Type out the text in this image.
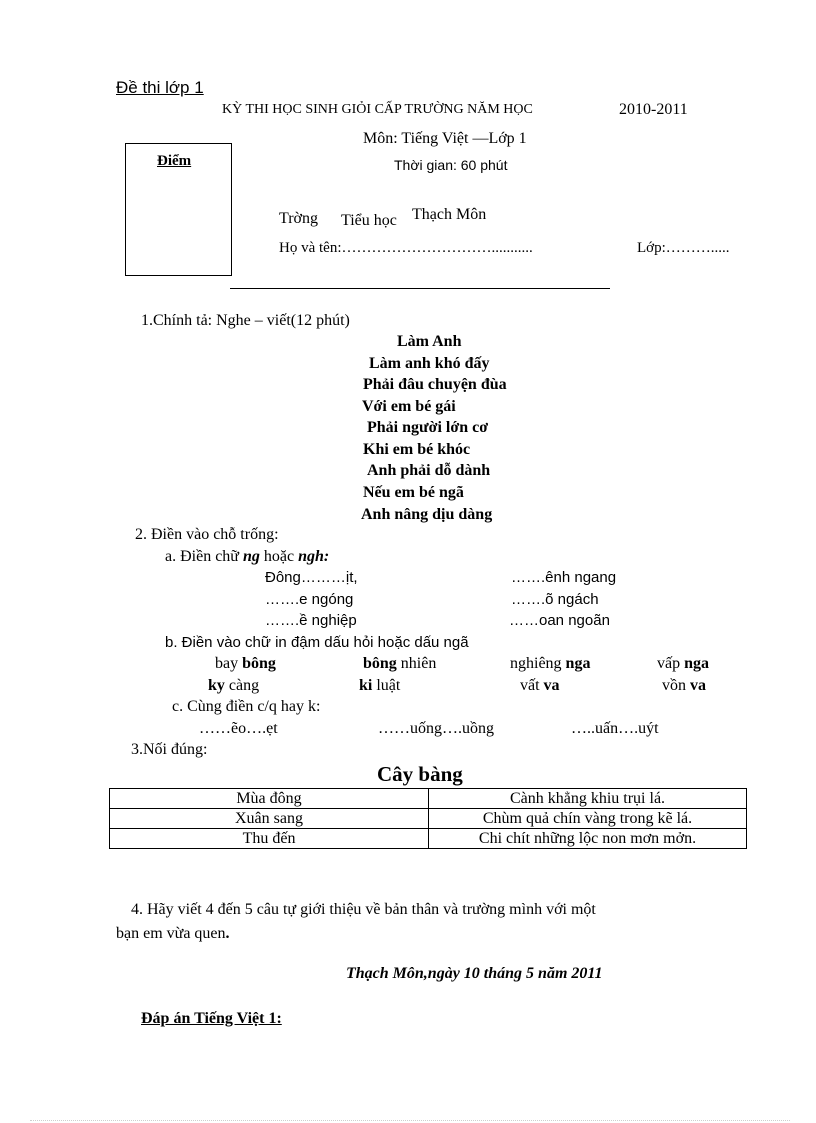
Đề thi lớp 1
KỲ THI HỌC SINH GIỎI CẤP TRƯỜNG NĂM HỌC	2010-2011
Môn: Tiếng Việt —Lớp 1
Thời gian: 60 phút
Điểm
Trờng Tiểu học Thạch Môn
Họ và tên:…………………………...........	Lớp:……….....
1.Chính tả: Nghe – viết(12 phút)
Làm Anh
Làm anh khó đấy
Phải đâu chuyện đùa
Với em bé gái
Phải người lớn cơ
Khi em bé khóc
Anh phải dỗ dành
Nếu em bé ngã
Anh nâng dịu dàng
2. Điền vào chỗ trống:
a. Điền chữ ng hoặc ngh:
Đông………ịt,	…….ênh ngang
…….e ngóng	…….õ ngách
…….ề nghiệp	……oan ngoãn
b. Điền vào chữ in đậm dấu hỏi hoặc dấu ngã
bay bông	bông nhiên	nghiêng nga	vấp nga
ky càng	ki luật	vất va	vồn va
c. Cùng điền c/q hay k:
……ẽo….ẹt	……uống….uồng	…..uấn….uýt
3.Nối đúng:
Cây bàng
Mùa đông	Cành khẳng khiu trụi lá.
Xuân sang	Chùm quả chín vàng trong kẽ lá.
Thu đến	Chi chít những lộc non mơn mởn.
4. Hãy viết 4 đến 5 câu tự giới thiệu về bản thân và trường mình với một
bạn em vừa quen.
Thạch Môn,ngày 10 tháng 5 năm 2011
Đáp án Tiếng Việt 1:
